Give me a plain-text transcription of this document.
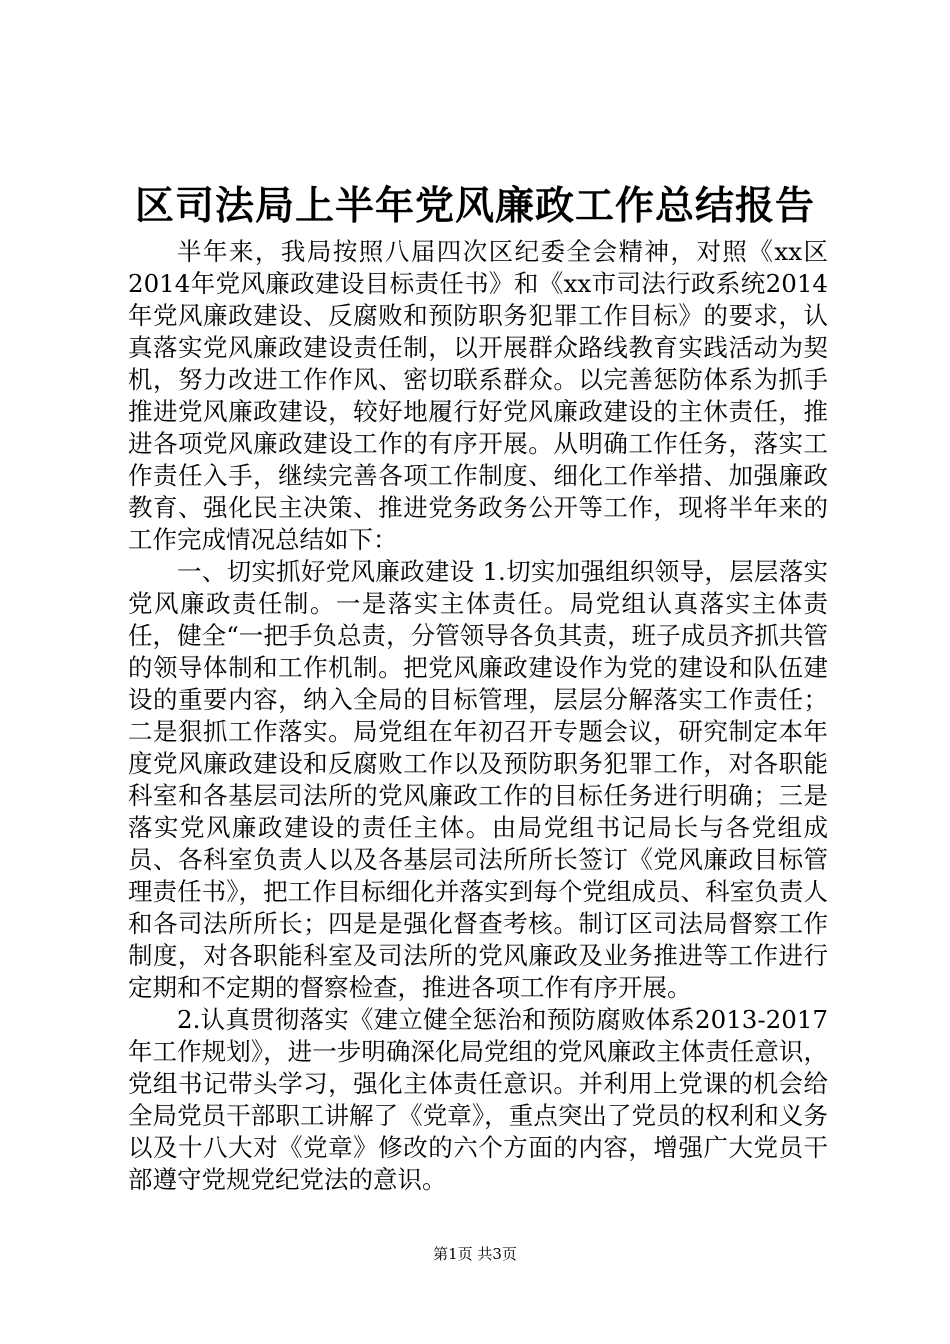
区司法局上半年党风廉政工作总结报告

半年来，我局按照八届四次区纪委全会精神，对照《xx区2014年党风廉政建设目标责任书》和《xx市司法行政系统2014年党风廉政建设、反腐败和预防职务犯罪工作目标》的要求，认真落实党风廉政建设责任制，以开展群众路线教育实践活动为契机，努力改进工作作风、密切联系群众。以完善惩防体系为抓手推进党风廉政建设，较好地履行好党风廉政建设的主休责任，推进各项党风廉政建设工作的有序开展。从明确工作任务，落实工作责任入手，继续完善各项工作制度、细化工作举措、加强廉政教育、强化民主决策、推进党务政务公开等工作，现将半年来的工作完成情况总结如下：

一、切实抓好党风廉政建设 1.切实加强组织领导，层层落实党风廉政责任制。一是落实主体责任。局党组认真落实主体责任，健全“一把手负总责，分管领导各负其责，班子成员齐抓共管的领导体制和工作机制。把党风廉政建设作为党的建设和队伍建设的重要内容，纳入全局的目标管理，层层分解落实工作责任；二是狠抓工作落实。局党组在年初召开专题会议，研究制定本年度党风廉政建设和反腐败工作以及预防职务犯罪工作，对各职能科室和各基层司法所的党风廉政工作的目标任务进行明确；三是落实党风廉政建设的责任主体。由局党组书记局长与各党组成员、各科室负责人以及各基层司法所所长签订《党风廉政目标管理责任书》，把工作目标细化并落实到每个党组成员、科室负责人和各司法所所长；四是是强化督查考核。制订区司法局督察工作制度，对各职能科室及司法所的党风廉政及业务推进等工作进行定期和不定期的督察检查，推进各项工作有序开展。

2.认真贯彻落实《建立健全惩治和预防腐败体系2013-2017年工作规划》，进一步明确深化局党组的党风廉政主体责任意识，党组书记带头学习，强化主体责任意识。并利用上党课的机会给全局党员干部职工讲解了《党章》，重点突出了党员的权利和义务以及十八大对《党章》修改的六个方面的内容，增强广大党员干部遵守党规党纪党法的意识。

第1页 共3页
